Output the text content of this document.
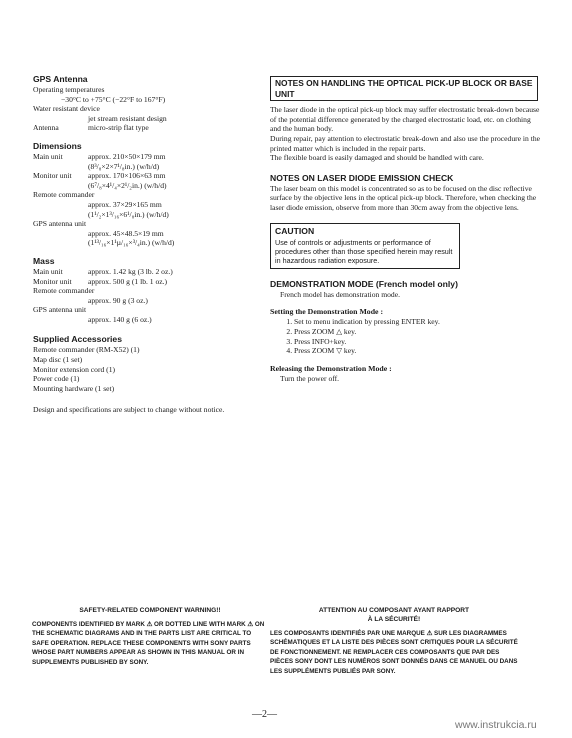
GPS Antenna

Operating temperatures

−30°C to +75°C (−22°F to 167°F)

Water resistant device

jet stream resistant design

Antenna	micro-strip flat type

Dimensions

Main unit	approx. 210×50×179 mm

(8³/₈×2×7¹/₈in.) (w/h/d)

Monitor unit	approx. 170×106×63 mm

(6⁷/₈×4¹/₄×2¹/₂in.) (w/h/d)

Remote commander

approx. 37×29×165 mm

(1¹/₂×1³/₁₆×6¹/₈in.) (w/h/d)

GPS antenna unit

approx. 45×48.5×19 mm

(1¹³/₁₆×1¹µ/₁₆×³/₄in.) (w/h/d)

Mass

Main unit	approx. 1.42 kg (3 lb. 2 oz.)
Monitor unit	approx. 500 g (1 lb. 1 oz.)

Remote commander

approx. 90 g (3 oz.)

GPS antenna unit

approx. 140 g (6 oz.)

Supplied Accessories

Remote commander (RM-X52) (1)

Map disc (1 set)

Monitor extension cord (1)

Power code (1)

Mounting hardware (1 set)

Design and specifications are subject to change without notice.

NOTES ON HANDLING THE OPTICAL PICK-UP BLOCK OR BASE UNIT

The laser diode in the optical pick-up block may suffer electrostatic break-down because of the potential difference generated by the charged electrostatic load, etc. on clothing and the human body.

During repair, pay attention to electrostatic break-down and also use the procedure in the printed matter which is included in the repair parts.

The flexible board is easily damaged and should be handled with care.

NOTES ON LASER DIODE EMISSION CHECK

The laser beam on this model is concentrated so as to be focused on the disc reflective surface by the objective lens in the optical pick-up block. Therefore, when checking the laser diode emission, observe from more than 30cm away from the objective lens.

CAUTION

Use of controls or adjustments or performance of procedures other than those specified herein may result in hazardous radiation exposure.

DEMONSTRATION MODE (French model only)

French model has demonstration mode.

Setting the Demonstration Mode :

1. Set to menu indication by pressing ENTER key.
2. Press ZOOM △ key.
3. Press INFO+key.
4. Press ZOOM ▽ key.

Releasing the Demonstration Mode :

Turn the power off.

SAFETY-RELATED COMPONENT WARNING!!

COMPONENTS IDENTIFIED BY MARK ⚠ OR DOTTED LINE WITH MARK ⚠ ON THE SCHEMATIC DIAGRAMS AND IN THE PARTS LIST ARE CRITICAL TO SAFE OPERATION. REPLACE THESE COMPONENTS WITH SONY PARTS WHOSE PART NUMBERS APPEAR AS SHOWN IN THIS MANUAL OR IN SUPPLEMENTS PUBLISHED BY SONY.

ATTENTION AU COMPOSANT AYANT RAPPORT

À LA SÉCURITÉ!

LES COMPOSANTS IDENTIFIÉS PAR UNE MARQUE ⚠ SUR LES DIAGRAMMES SCHÉMATIQUES ET LA LISTE DES PIÈCES SONT CRITIQUES POUR LA SÉCURITÉ DE FONCTIONNEMENT. NE REMPLACER CES COMPOSANTS QUE PAR DES PIÈCES SONY DONT LES NUMÉROS SONT DONNÉS DANS CE MANUEL OU DANS LES SUPPLÉMENTS PUBLIÉS PAR SONY.

—2—
www.instrukcia.ru
